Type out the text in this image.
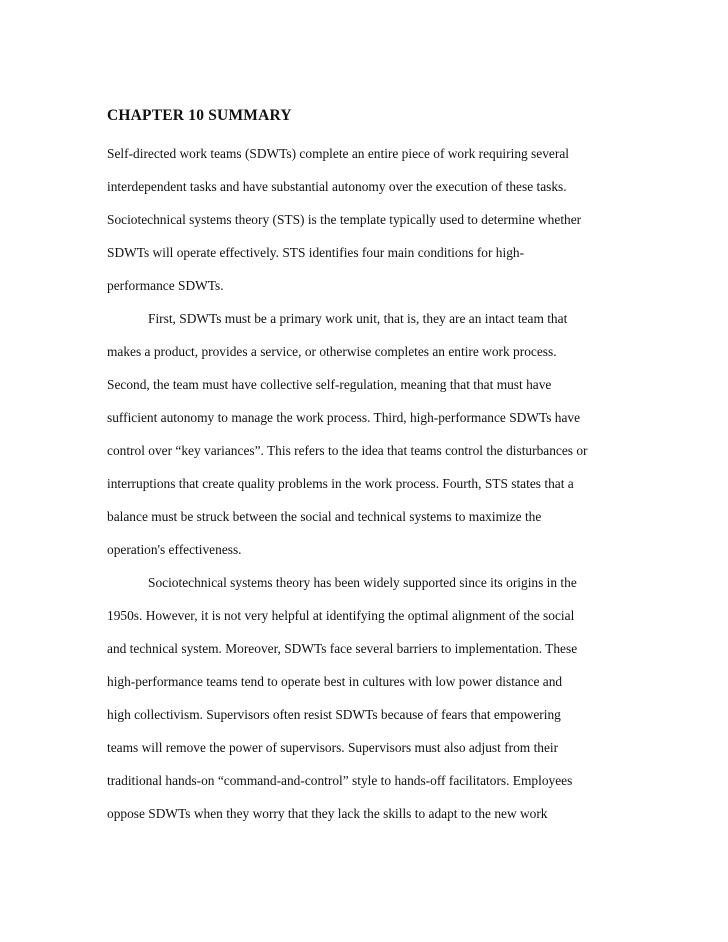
CHAPTER 10 SUMMARY
Self-directed work teams (SDWTs) complete an entire piece of work requiring several
interdependent tasks and have substantial autonomy over the execution of these tasks.
Sociotechnical systems theory (STS) is the template typically used to determine whether
SDWTs will operate effectively. STS identifies four main conditions for high-
performance SDWTs.
First, SDWTs must be a primary work unit, that is, they are an intact team that
makes a product, provides a service, or otherwise completes an entire work process.
Second, the team must have collective self-regulation, meaning that that must have
sufficient autonomy to manage the work process. Third, high-performance SDWTs have
control over “key variances”. This refers to the idea that teams control the disturbances or
interruptions that create quality problems in the work process. Fourth, STS states that a
balance must be struck between the social and technical systems to maximize the
operation's effectiveness.
Sociotechnical systems theory has been widely supported since its origins in the
1950s. However, it is not very helpful at identifying the optimal alignment of the social
and technical system. Moreover, SDWTs face several barriers to implementation. These
high-performance teams tend to operate best in cultures with low power distance and
high collectivism. Supervisors often resist SDWTs because of fears that empowering
teams will remove the power of supervisors. Supervisors must also adjust from their
traditional hands-on “command-and-control” style to hands-off facilitators. Employees
oppose SDWTs when they worry that they lack the skills to adapt to the new work
